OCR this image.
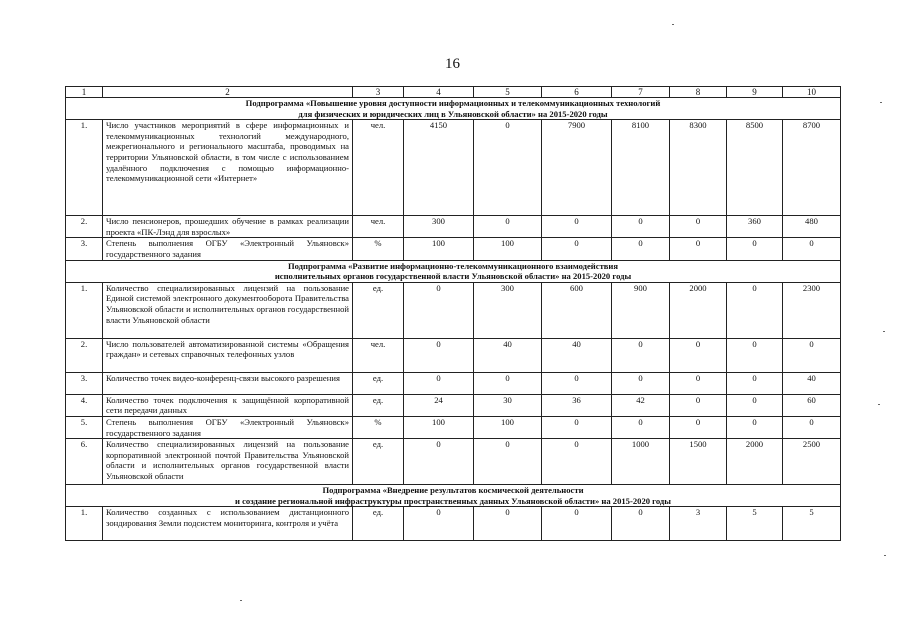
16
1	2	3	4	5	6	7	8	9	10

Подпрограмма «Повышение уровня доступности информационных и телекоммуникационных технологий
для физических и юридических лиц в Ульяновской области» на 2015-2020 годы									

1.	Число участников мероприятий в сфере информационных и телекоммуникационных технологий международного, межрегионального и регионального масштаба, проводимых на территории Ульяновской области, в том числе с использованием удалённого подключения с помощью информационно-телекоммуникационной сети «Интернет»	чел.	4150	0	7900	8100	8300	8500	8700
2.	Число пенсионеров, прошедших обучение в рамках реализации проекта «ПК-Лэнд для взрослых»	чел.	300	0	0	0	0	360	480
3.	Степень выполнения ОГБУ «Электронный Ульяновск» государственного задания	%	100	100	0	0	0	0	0

Подпрограмма «Развитие информационно-телекоммуникационного взаимодействия
исполнительных органов государственной власти Ульяновской области» на 2015-2020 годы									

1.	Количество специализированных лицензий на пользование Единой системой электронного документооборота Правительства Ульяновской области и исполнительных органов государственной власти Ульяновской области	ед.	0	300	600	900	2000	0	2300
2.	Число пользователей автоматизированной системы «Обращения граждан» и сетевых справочных телефонных узлов	чел.	0	40	40	0	0	0	0
3.	Количество точек видео-конференц-связи высокого разрешения	ед.	0	0	0	0	0	0	40
4.	Количество точек подключения к защищённой корпоративной сети передачи данных	ед.	24	30	36	42	0	0	60
5.	Степень выполнения ОГБУ «Электронный Ульяновск» государственного задания	%	100	100	0	0	0	0	0
6.	Количество специализированных лицензий на пользование корпоративной электронной почтой Правительства Ульяновской области и исполнительных органов государственной власти Ульяновской области	ед.	0	0	0	1000	1500	2000	2500

Подпрограмма «Внедрение результатов космической деятельности
и создание региональной инфраструктуры пространственных данных Ульяновской области» на 2015-2020 годы									

1.	Количество созданных с использованием дистанционного зондирования Земли подсистем мониторинга, контроля и учёта	ед.	0	0	0	0	3	5	5
